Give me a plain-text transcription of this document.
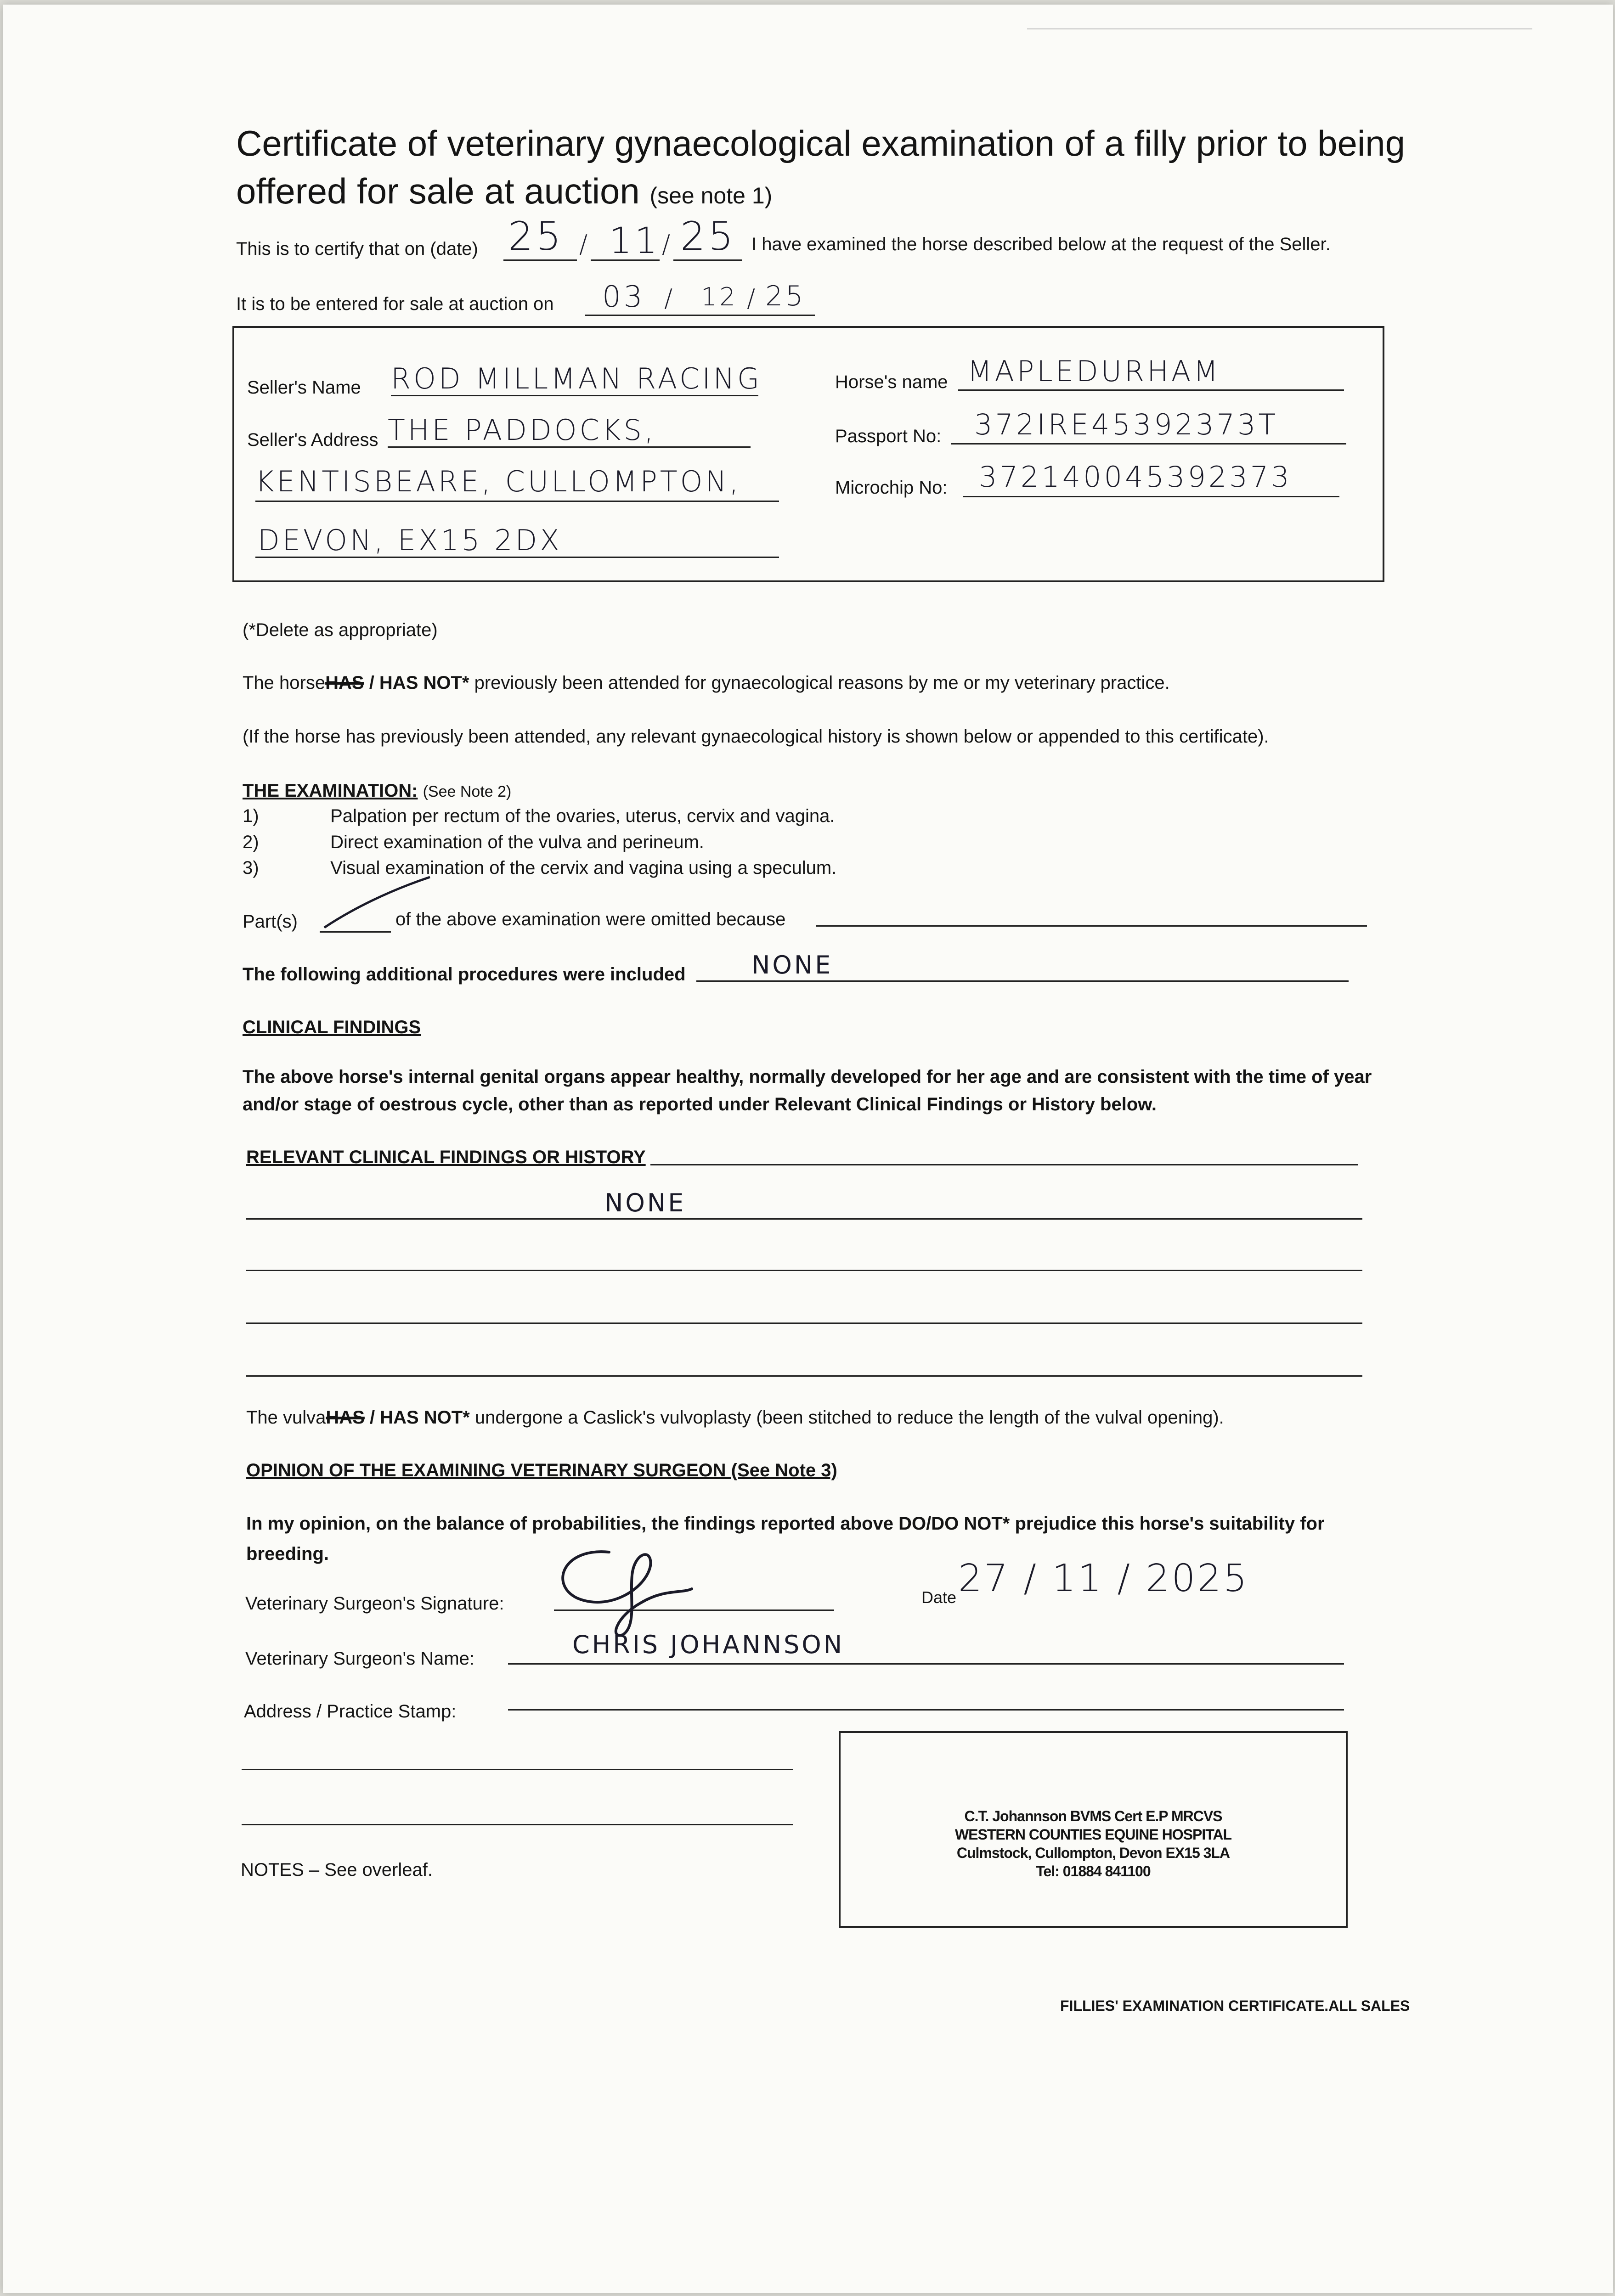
Certificate of veterinary gynaecological examination of a filly prior to being offered for sale at auction (see note 1)
This is to certify that on (date) 25 / 11 / 25 I have examined the horse described below at the request of the Seller.
It is to be entered for sale at auction on 03 / 12 / 25
Seller's Name ROD MILLMAN RACING
Seller's Address THE PADDOCKS,
KENTISBEARE, CULLOMPTON,
DEVON, EX15 2DX
Horse's name MAPLEDURHAM
Passport No: 372IRE45392373T
Microchip No: 372140045392373
(*Delete as appropriate)
The horseHAS / HAS NOT* previously been attended for gynaecological reasons by me or my veterinary practice.
(If the horse has previously been attended, any relevant gynaecological history is shown below or appended to this certificate).
THE EXAMINATION: (See Note 2)
1)	Palpation per rectum of the ovaries, uterus, cervix and vagina.
2)	Direct examination of the vulva and perineum.
3)	Visual examination of the cervix and vagina using a speculum.
Part(s)	of the above examination were omitted because
The following additional procedures were included	NONE
CLINICAL FINDINGS
The above horse's internal genital organs appear healthy, normally developed for her age and are consistent with the time of year and/or stage of oestrous cycle, other than as reported under Relevant Clinical Findings or History below.
RELEVANT CLINICAL FINDINGS OR HISTORY
NONE
The vulvaHAS / HAS NOT* undergone a Caslick's vulvoplasty (been stitched to reduce the length of the vulval opening).
OPINION OF THE EXAMINING VETERINARY SURGEON (See Note 3)
In my opinion, on the balance of probabilities, the findings reported above DO/DO NOT* prejudice this horse's suitability for breeding.
Veterinary Surgeon's Signature:	Date 27 / 11 / 2025
Veterinary Surgeon's Name:	CHRIS JOHANNSON
Address / Practice Stamp:
C.T. Johannson BVMS Cert E.P MRCVS
WESTERN COUNTIES EQUINE HOSPITAL
Culmstock, Cullompton, Devon EX15 3LA
Tel: 01884 841100
NOTES – See overleaf.
FILLIES' EXAMINATION CERTIFICATE.ALL SALES
